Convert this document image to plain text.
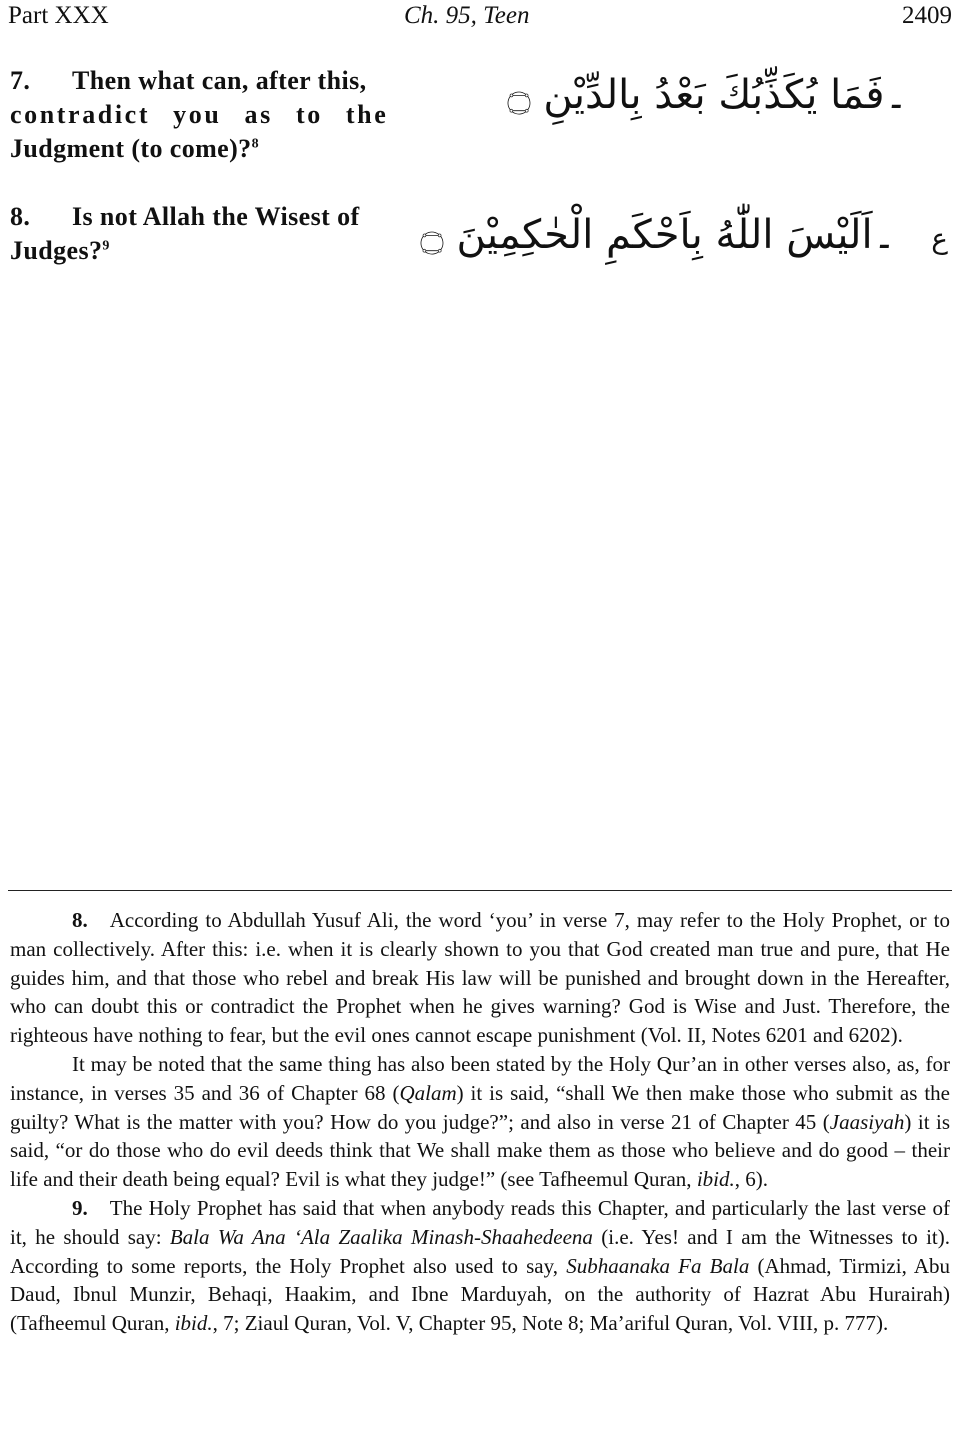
Part XXX	Ch. 95, Teen	2409
7. Then what can, after this,
contradict you as to the
Judgment (to come)?$^8$
۔فَمَا يُكَذِّبُكَ بَعْدُ بِالدِّيْنِ ۝
8. Is not Allah the Wisest of
Judges?$^9$	۔اَلَيْسَ اللّٰهُ بِاَحْكَمِ الْحٰكِمِيْنَ ۝ ع

8. According to Abdullah Yusuf Ali, the word ‘you’ in verse 7, may refer to the Holy Prophet, or to man collectively. After this: i.e. when it is clearly shown to you that God created man true and pure, that He guides him, and that those who rebel and break His law will be punished and brought down in the Hereafter, who can doubt this or contradict the Prophet when he gives warning? God is Wise and Just. Therefore, the righteous have nothing to fear, but the evil ones cannot escape punishment (Vol. II, Notes 6201 and 6202).

It may be noted that the same thing has also been stated by the Holy Qur’an in other verses also, as, for instance, in verses 35 and 36 of Chapter 68 (Qalam) it is said, “shall We then make those who submit as the guilty? What is the matter with you? How do you judge?”; and also in verse 21 of Chapter 45 (Jaasiyah) it is said, “or do those who do evil deeds think that We shall make them as those who believe and do good – their life and their death being equal? Evil is what they judge!” (see Tafheemul Quran, ibid., 6).

9. The Holy Prophet has said that when anybody reads this Chapter, and particularly the last verse of it, he should say: Bala Wa Ana ‘Ala Zaalika Minash-Shaahedeena (i.e. Yes! and I am the Witnesses to it). According to some reports, the Holy Prophet also used to say, Subhaanaka Fa Bala (Ahmad, Tirmizi, Abu Daud, Ibnul Munzir, Behaqi, Haakim, and Ibne Marduyah, on the authority of Hazrat Abu Hurairah) (Tafheemul Quran, ibid., 7; Ziaul Quran, Vol. V, Chapter 95, Note 8; Ma’ariful Quran, Vol. VIII, p. 777).
